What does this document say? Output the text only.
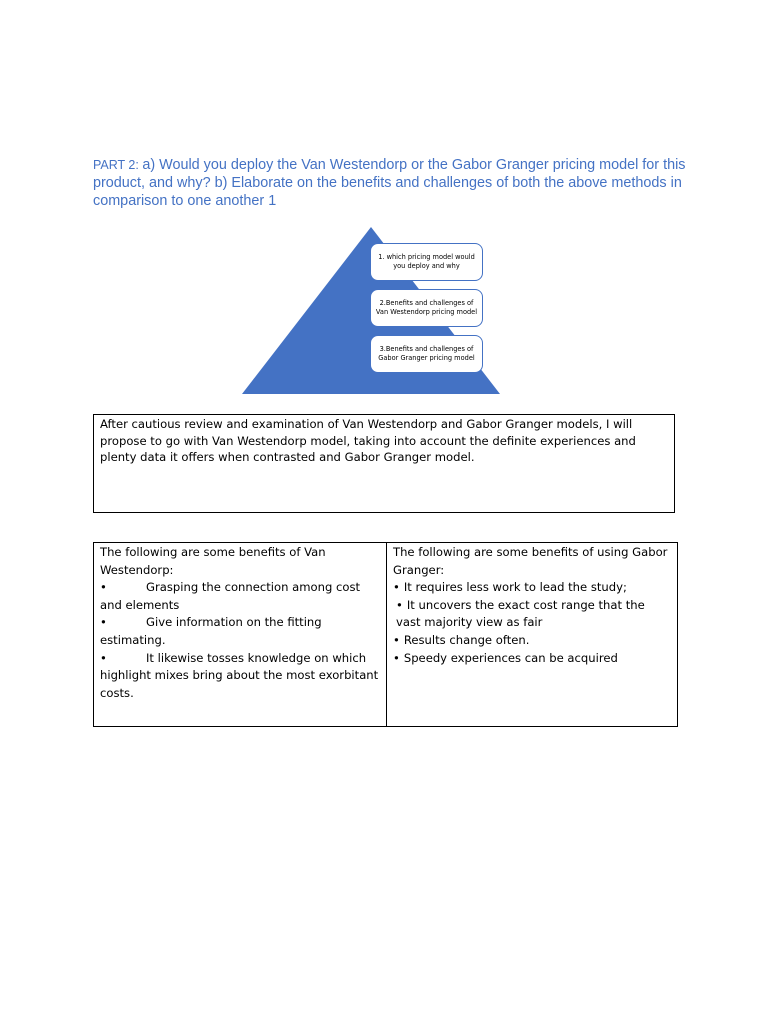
PART 2: a) Would you deploy the Van Westendorp or the Gabor Granger pricing model for this product, and why? b) Elaborate on the benefits and challenges of both the above methods in comparison to one another 1
1. which pricing model would you deploy and why
2.Benefits and challenges of Van Westendorp pricing model
3.Benefits and challenges of Gabor Granger pricing model
After cautious review and examination of Van Westendorp and Gabor Granger models, I will propose to go with Van Westendorp model, taking into account the definite experiences and plenty data it offers when contrasted and Gabor Granger model.
The following are some benefits of Van Westendorp:
•	Grasping the connection among cost and elements
•	Give information on the fitting estimating.
•	It likewise tosses knowledge on which highlight mixes bring about the most exorbitant costs.
The following are some benefits of using Gabor Granger:
• It requires less work to lead the study;
• It uncovers the exact cost range that the vast majority view as fair
• Results change often.
• Speedy experiences can be acquired
